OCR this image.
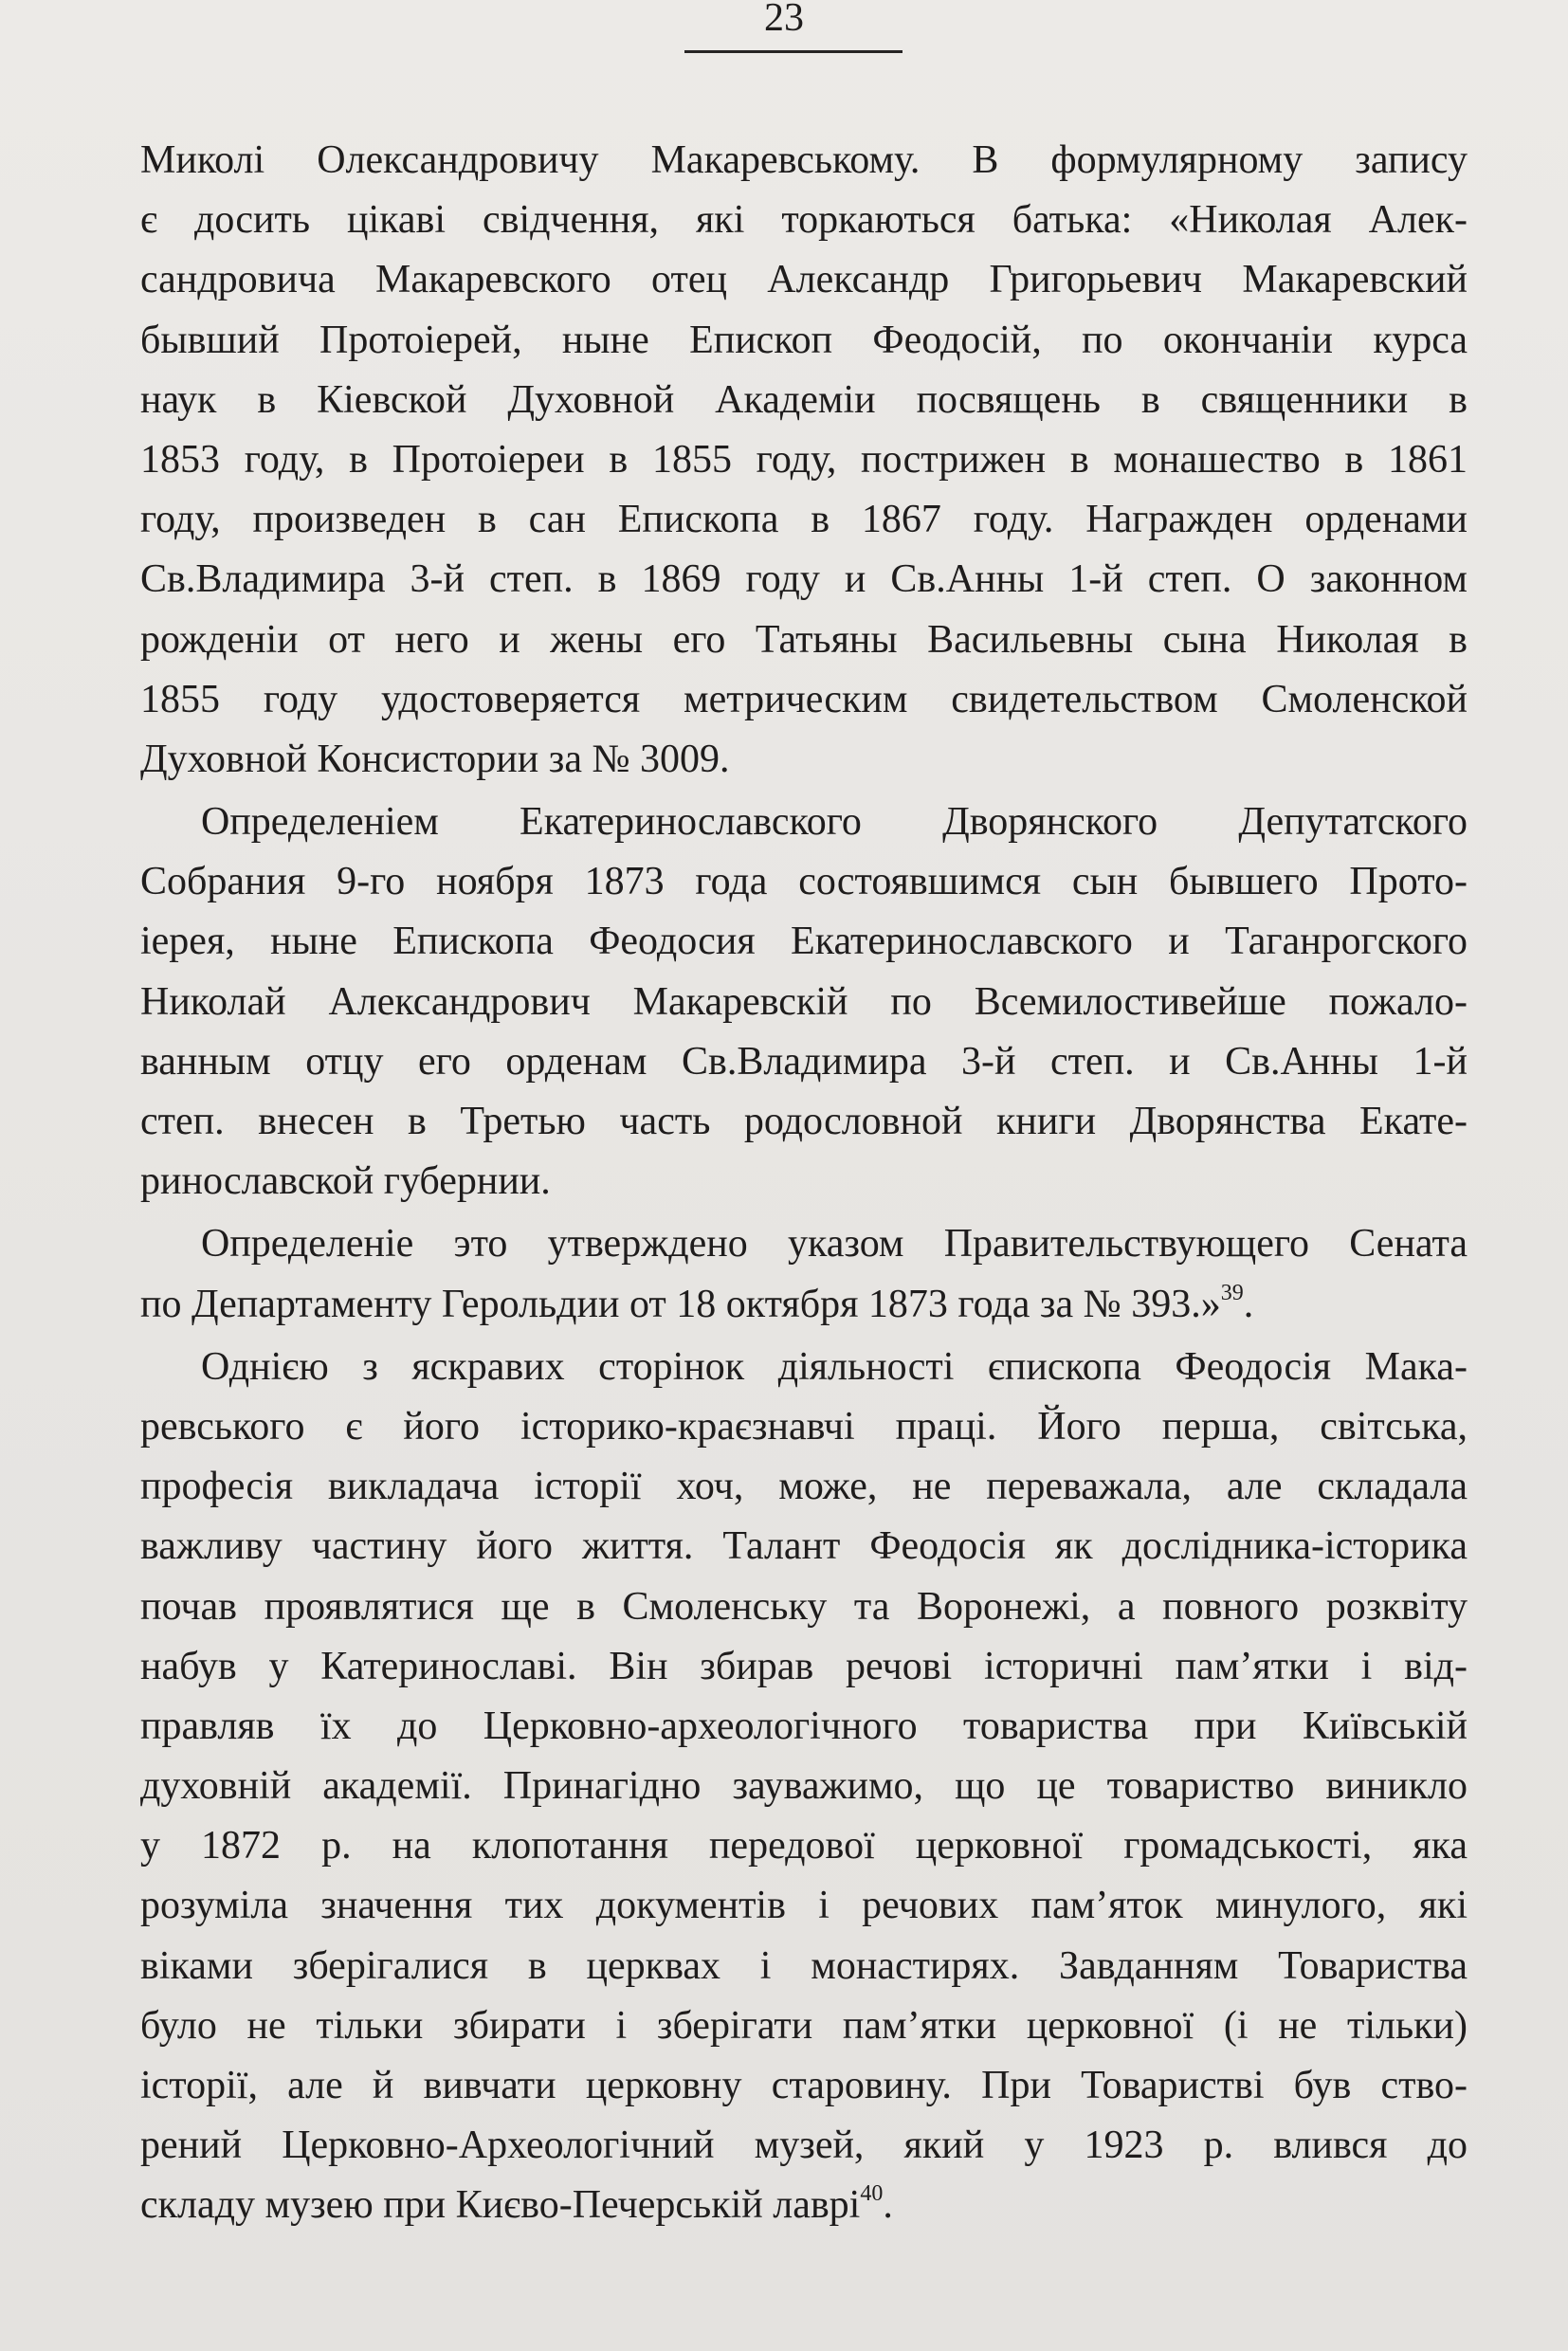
23
Миколі Олександровичу Макаревському. В формулярному запису
є досить цікаві свідчення, які торкаються батька: «Николая Алек-
сандровича Макаревского отец Александр Григорьевич Макаревский
бывший Протоiерей, ныне Епископ Феодосій, по окончаніи курса
наук в Кіевской Духовной Академіи посвящень в священники в
1853 году, в Протоiереи в 1855 году, пострижен в монашество в 1861
году, произведен в сан Епископа в 1867 году. Награжден орденами
Св.Владимира 3-й степ. в 1869 году и Св.Анны 1-й степ. О законном
рожденіи от него и жены его Татьяны Васильевны сына Николая в
1855 году удостоверяется метрическим свидетельством Смоленской
Духовной Консистории за № 3009.
Определеніем Екатеринославского Дворянского Депутатского
Собрания 9-го ноября 1873 года состоявшимся сын бывшего Прото-
iерея, ныне Епископа Феодосия Екатеринославского и Таганрогского
Николай Александрович Макаревскій по Всемилостивейше пожало-
ванным отцу его орденам Св.Владимира 3-й степ. и Св.Анны 1-й
степ. внесен в Третью часть родословной книги Дворянства Екате-
ринославской губернии.
Определеніе это утверждено указом Правительствующего Сената
по Департаменту Герольдии от 18 октября 1873 года за № 393.»$^{39}$.
Однією з яскравих сторінок діяльності єпископа Феодосія Мака-
ревського є його історико-краєзнавчі праці. Його перша, світська,
професія викладача історії хоч, може, не переважала, але складала
важливу частину його життя. Талант Феодосія як дослідника-історика
почав проявлятися ще в Смоленську та Воронежі, а повного розквіту
набув у Катеринославі. Він збирав речові історичні пам’ятки і від-
правляв їх до Церковно-археологічного товариства при Київській
духовній академії. Принагідно зауважимо, що це товариство виникло
у 1872 р. на клопотання передової церковної громадськості, яка
розуміла значення тих документів і речових пам’яток минулого, які
віками зберігалися в церквах і монастирях. Завданням Товариства
було не тільки збирати і зберігати пам’ятки церковної (і не тільки)
історії, але й вивчати церковну старовину. При Товаристві був ство-
рений Церковно-Археологічний музей, який у 1923 р. влився до
складу музею при Києво-Печерській лаврі$^{40}$.
